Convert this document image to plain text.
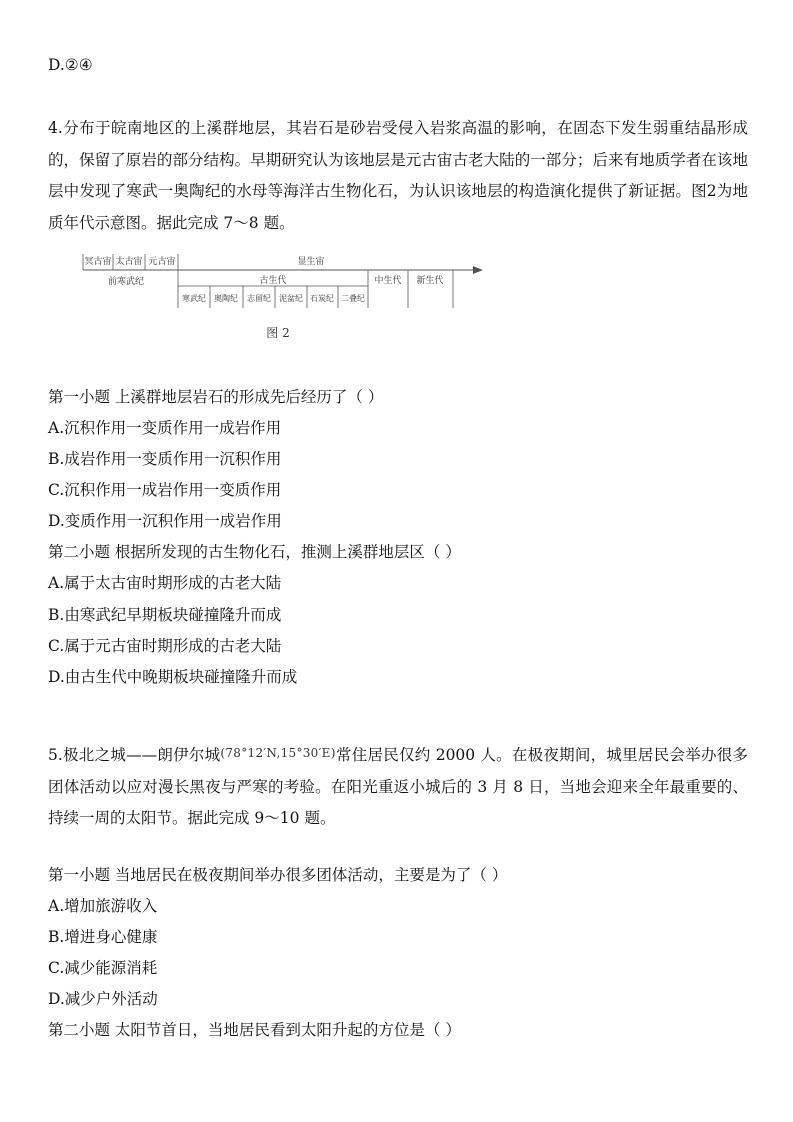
D.②④
4.分布于皖南地区的上溪群地层，其岩石是砂岩受侵入岩浆高温的影响，在固态下发生弱重结晶形成的，保留了原岩的部分结构。早期研究认为该地层是元古宙古老大陆的一部分；后来有地质学者在该地层中发现了寒武一奥陶纪的水母等海洋古生物化石，为认识该地层的构造演化提供了新证据。图2为地质年代示意图。据此完成 7～8 题。
冥古宙 太古宙 元古宙	显生宙
前寒武纪	古生代	中生代 新生代
寒武纪 奥陶纪 志留纪 泥盆纪 石炭纪 二叠纪
图 2
第一小题 上溪群地层岩石的形成先后经历了（ ）
A.沉积作用一变质作用一成岩作用
B.成岩作用一变质作用一沉积作用
C.沉积作用一成岩作用一变质作用
D.变质作用一沉积作用一成岩作用
第二小题 根据所发现的古生物化石，推测上溪群地层区（ ）
A.属于太古宙时期形成的古老大陆
B.由寒武纪早期板块碰撞隆升而成
C.属于元古宙时期形成的古老大陆
D.由古生代中晚期板块碰撞隆升而成
5.极北之城——朗伊尔城(78°12′N,15°30′E)常住居民仅约 2000 人。在极夜期间，城里居民会举办很多团体活动以应对漫长黑夜与严寒的考验。在阳光重返小城后的 3 月 8 日，当地会迎来全年最重要的、持续一周的太阳节。据此完成 9～10 题。
第一小题 当地居民在极夜期间举办很多团体活动，主要是为了（ ）
A.增加旅游收入
B.增进身心健康
C.减少能源消耗
D.减少户外活动
第二小题 太阳节首日，当地居民看到太阳升起的方位是（ ）
